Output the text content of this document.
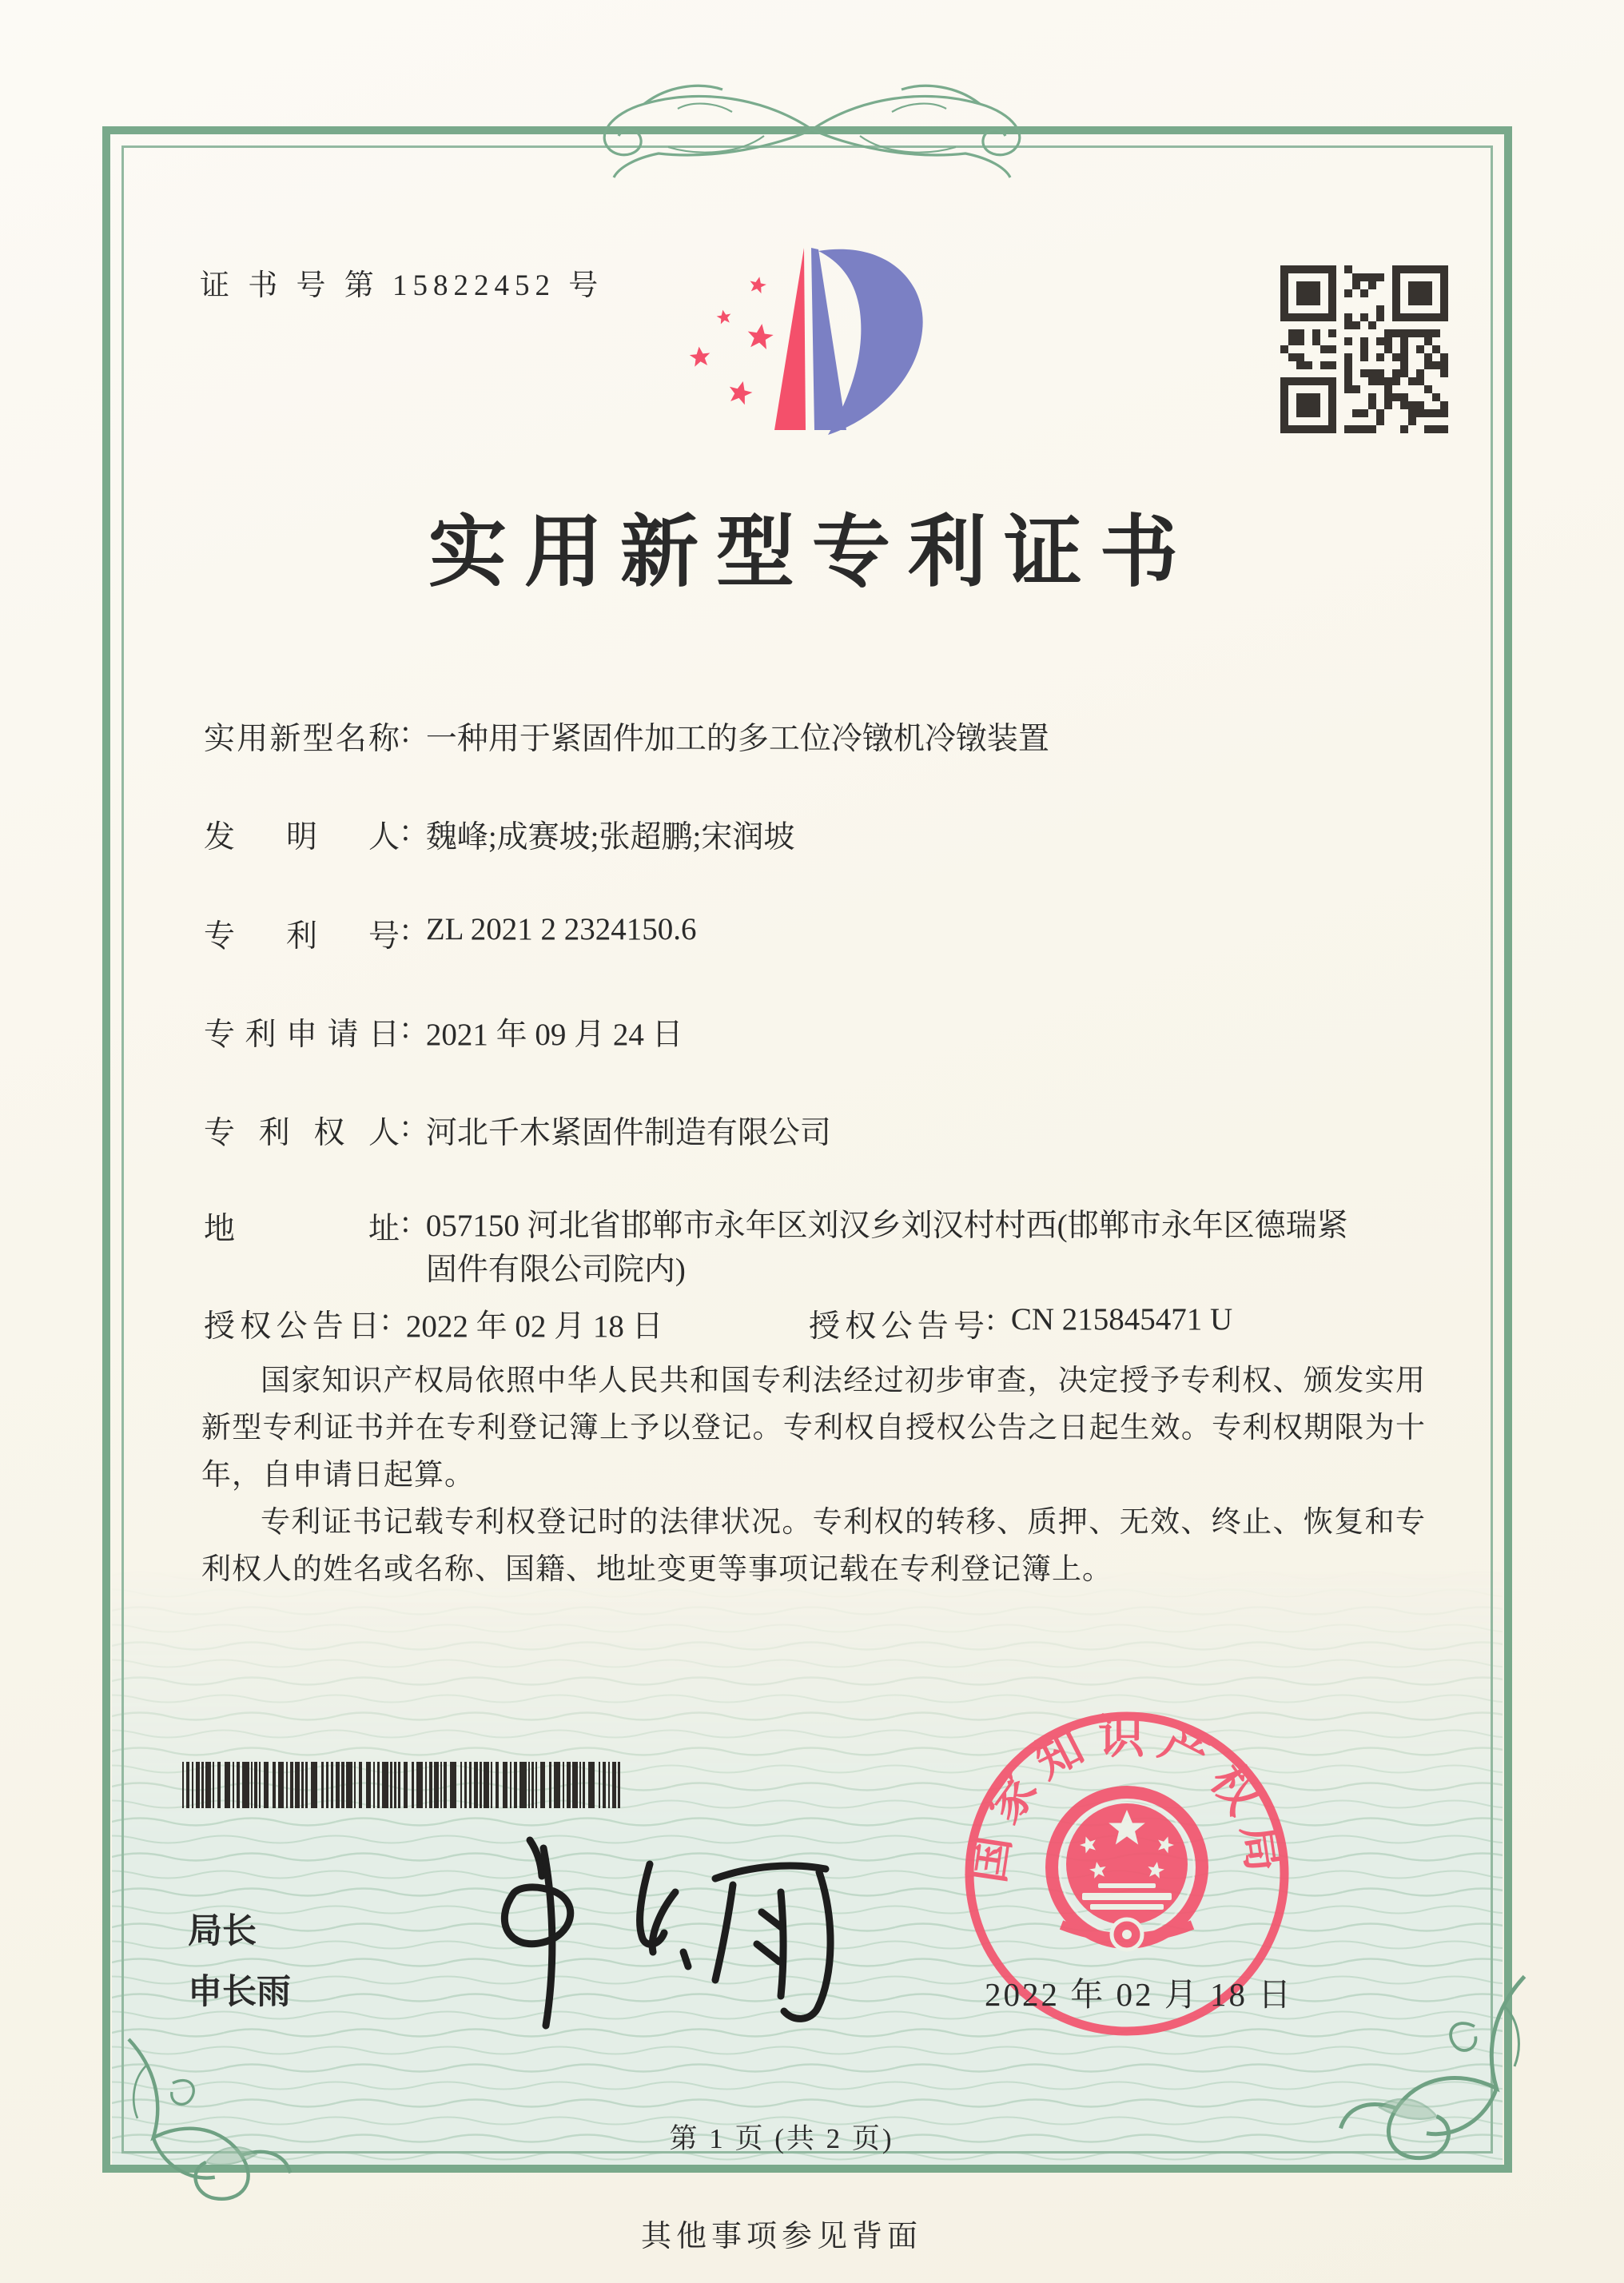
证 书 号 第 15822452 号
实用新型专利证书
实用新型名称: 一种用于紧固件加工的多工位冷镦机冷镦装置
发明人: 魏峰;成赛坡;张超鹏;宋润坡
专利号: ZL 2021 2 2324150.6
专利申请日: 2021 年 09 月 24 日
专利权人: 河北千木紧固件制造有限公司
地址: 057150 河北省邯郸市永年区刘汉乡刘汉村村西(邯郸市永年区德瑞紧固件有限公司院内)
授权公告日: 2022 年 02 月 18 日	授权公告号: CN 215845471 U

国家知识产权局依照中华人民共和国专利法经过初步审查，决定授予专利权、颁发实用新型专利证书并在专利登记簿上予以登记。专利权自授权公告之日起生效。专利权期限为十年，自申请日起算。

专利证书记载专利权登记时的法律状况。专利权的转移、质押、无效、终止、恢复和专利权人的姓名或名称、国籍、地址变更等事项记载在专利登记簿上。

局长
申长雨
国家知识产权局
2022 年 02 月 18 日
第 1 页 (共 2 页)
其他事项参见背面
